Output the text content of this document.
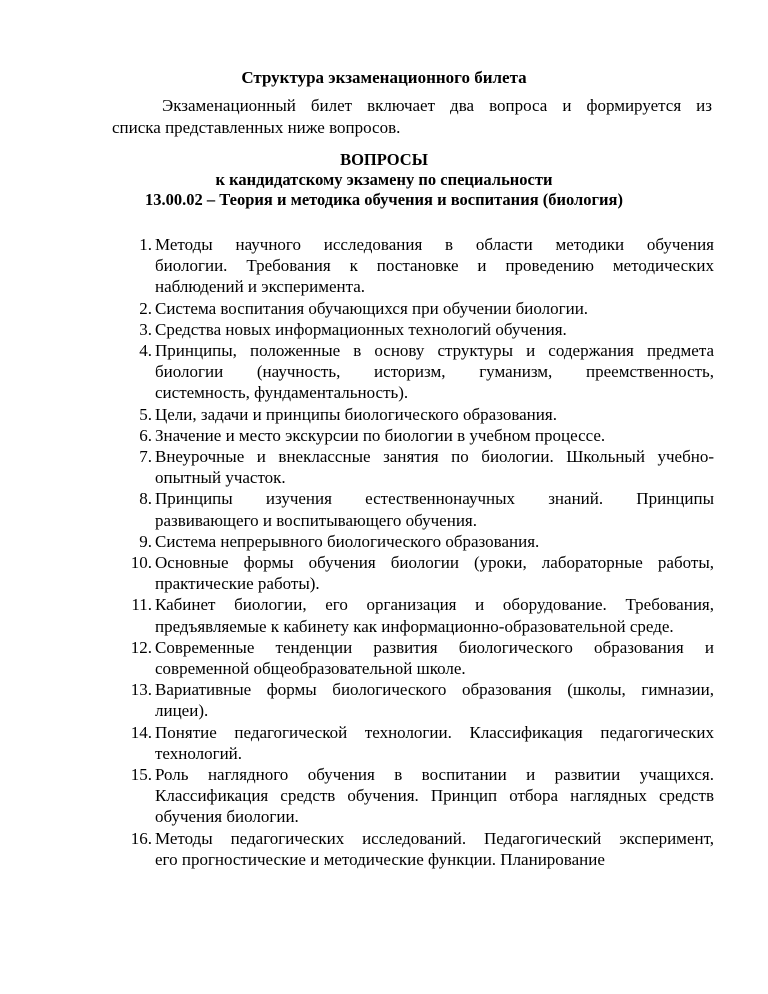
Структура экзаменационного билета
Экзаменационный билет включает два вопроса и формируется из
списка представленных ниже вопросов.
ВОПРОСЫ
к кандидатскому экзамену по специальности
13.00.02 – Теория и методика обучения и воспитания (биология)
1. Методы научного исследования в области методики обучения
биологии. Требования к постановке и проведению методических
наблюдений и эксперимента.
2. Система воспитания обучающихся при обучении биологии.
3. Средства новых информационных технологий обучения.
4. Принципы, положенные в основу структуры и содержания предмета
биологии (научность, историзм, гуманизм, преемственность,
системность, фундаментальность).
5. Цели, задачи и принципы биологического образования.
6. Значение и место экскурсии по биологии в учебном процессе.
7. Внеурочные и внеклассные занятия по биологии. Школьный учебно-
опытный участок.
8. Принципы изучения естественнонаучных знаний. Принципы
развивающего и воспитывающего обучения.
9. Система непрерывного биологического образования.
10. Основные формы обучения биологии (уроки, лабораторные работы,
практические работы).
11. Кабинет биологии, его организация и оборудование. Требования,
предъявляемые к кабинету как информационно-образовательной среде.
12. Современные тенденции развития биологического образования и
современной общеобразовательной школе.
13. Вариативные формы биологического образования (школы, гимназии,
лицеи).
14. Понятие педагогической технологии. Классификация педагогических
технологий.
15. Роль наглядного обучения в воспитании и развитии учащихся.
Классификация средств обучения. Принцип отбора наглядных средств
обучения биологии.
16. Методы педагогических исследований. Педагогический эксперимент,
его прогностические и методические функции. Планирование
